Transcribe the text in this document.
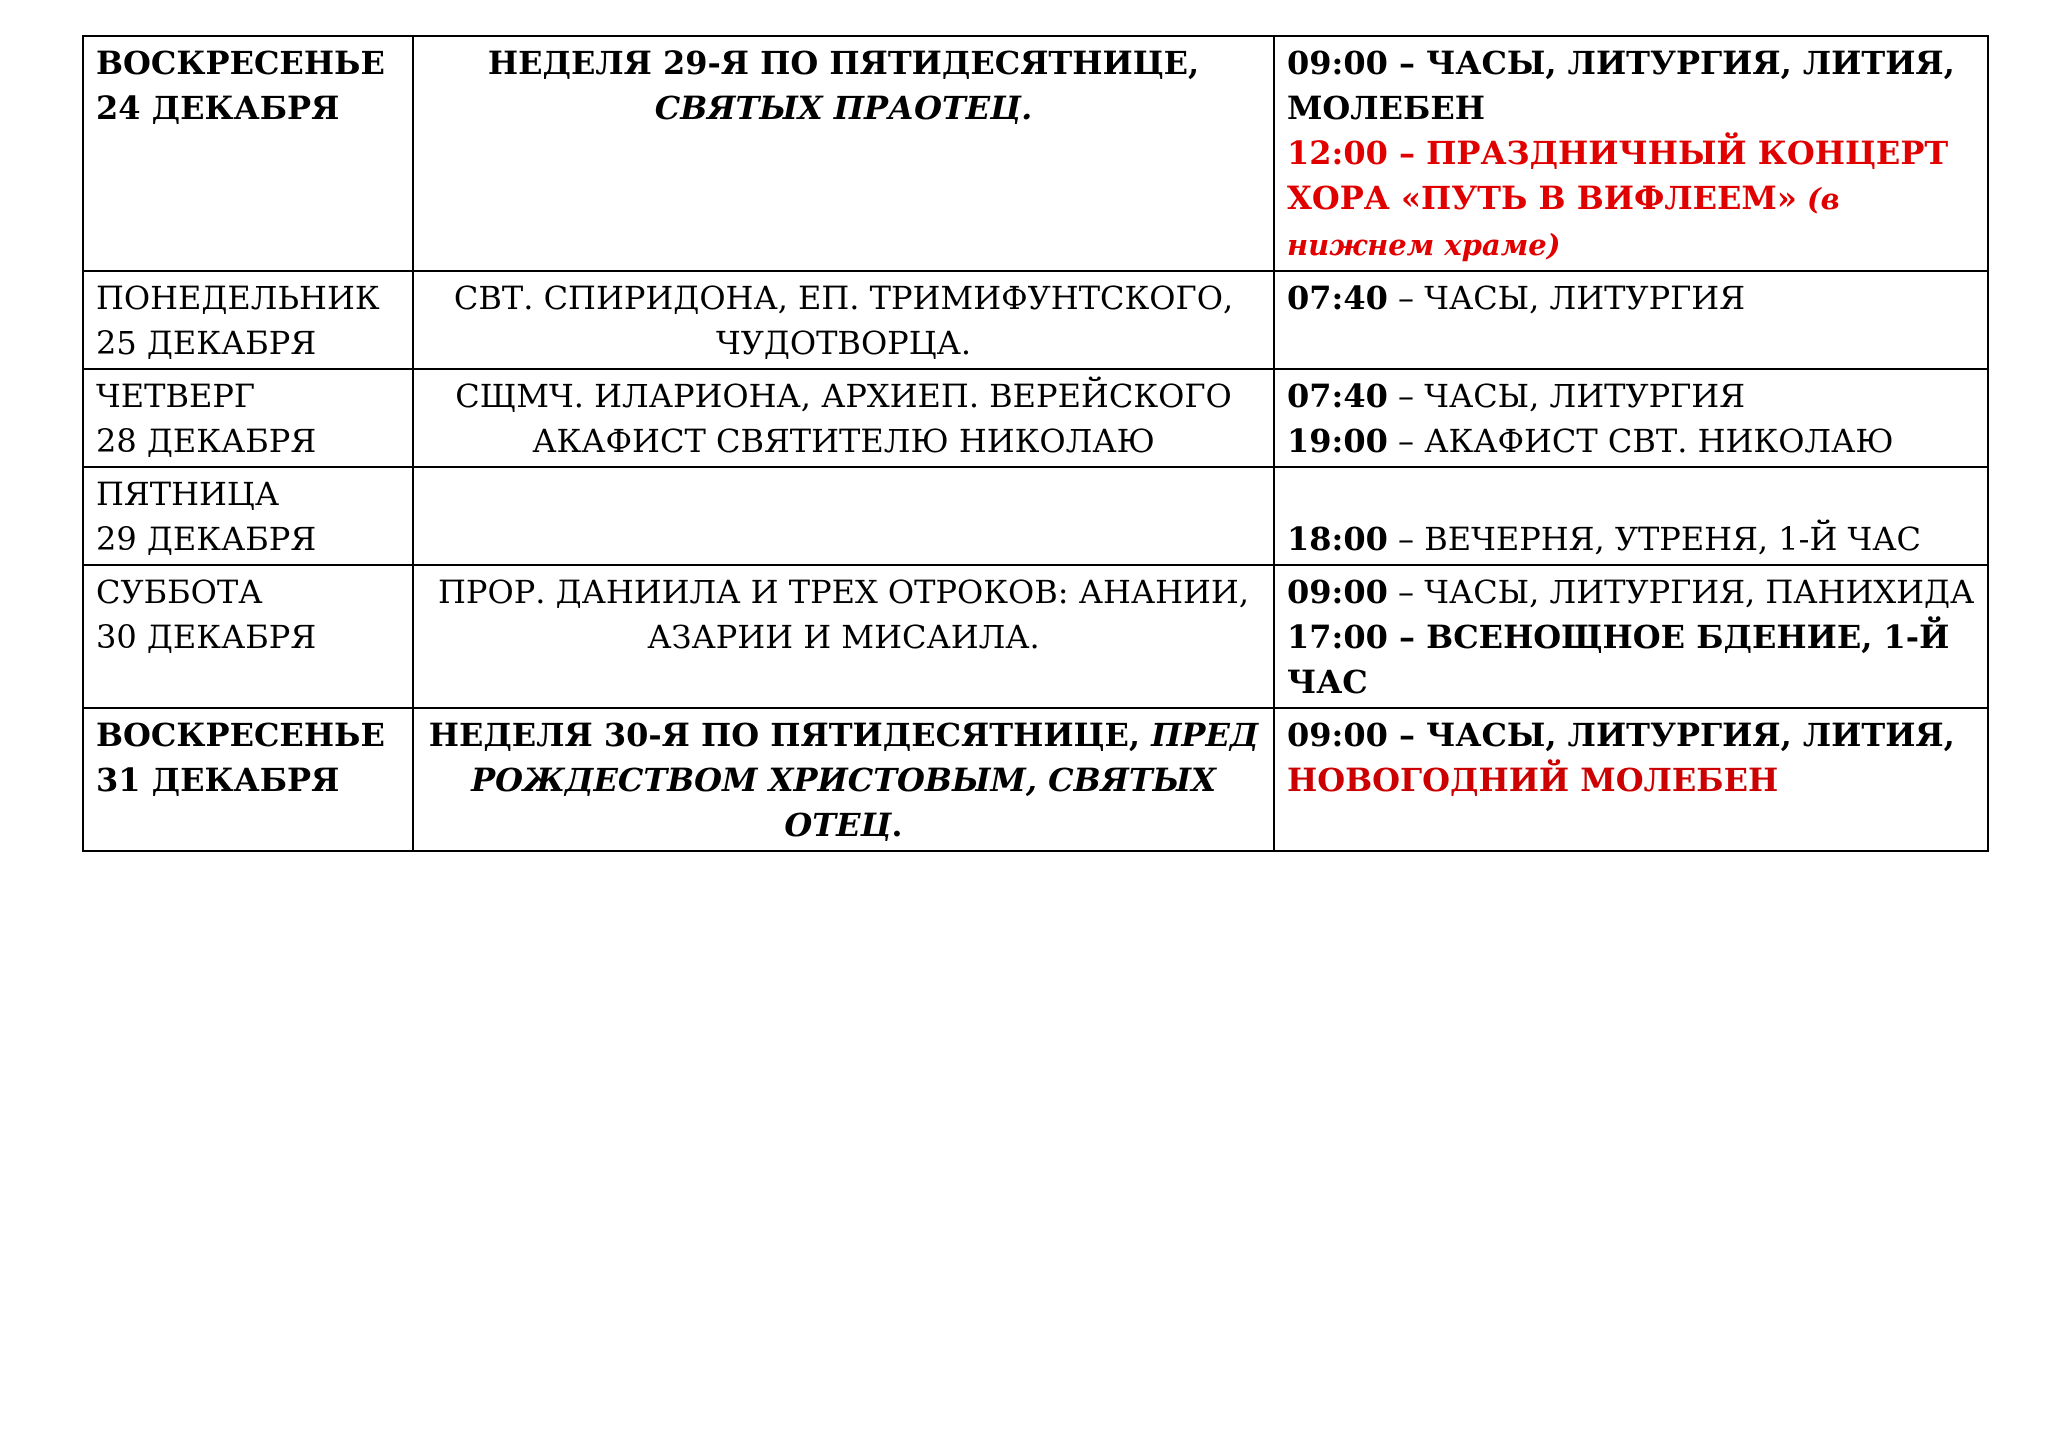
ВОСКРЕСЕНЬЕ
24 ДЕКАБРЯ	НЕДЕЛЯ 29-Я ПО ПЯТИДЕСЯТНИЦЕ, СВЯТЫХ ПРАОТЕЦ.	09:00 – ЧАСЫ, ЛИТУРГИЯ, ЛИТИЯ, МОЛЕБЕН
12:00 – ПРАЗДНИЧНЫЙ КОНЦЕРТ ХОРА «ПУТЬ В ВИФЛЕЕМ» (в нижнем храме)

ПОНЕДЕЛЬНИК
25 ДЕКАБРЯ	СВТ. СПИРИДОНА, ЕП. ТРИМИФУНТСКОГО, ЧУДОТВОРЦА.	07:40 – ЧАСЫ, ЛИТУРГИЯ

ЧЕТВЕРГ
28 ДЕКАБРЯ	СЩМЧ. ИЛАРИОНА, АРХИЕП. ВЕРЕЙСКОГО
АКАФИСТ СВЯТИТЕЛЮ НИКОЛАЮ	07:40 – ЧАСЫ, ЛИТУРГИЯ
19:00 – АКАФИСТ СВТ. НИКОЛАЮ

ПЯТНИЦА
29 ДЕКАБРЯ		18:00 – ВЕЧЕРНЯ, УТРЕНЯ, 1-Й ЧАС

СУББОТА
30 ДЕКАБРЯ	ПРОР. ДАНИИЛА И ТРЕХ ОТРОКОВ: АНАНИИ, АЗАРИИ И МИСАИЛА.	09:00 – ЧАСЫ, ЛИТУРГИЯ, ПАНИХИДА
17:00 – ВСЕНОЩНОЕ БДЕНИЕ, 1-Й ЧАС

ВОСКРЕСЕНЬЕ
31 ДЕКАБРЯ	НЕДЕЛЯ 30-Я ПО ПЯТИДЕСЯТНИЦЕ, ПРЕД РОЖДЕСТВОМ ХРИСТОВЫМ, СВЯТЫХ ОТЕЦ.	09:00 – ЧАСЫ, ЛИТУРГИЯ, ЛИТИЯ,
НОВОГОДНИЙ МОЛЕБЕН
